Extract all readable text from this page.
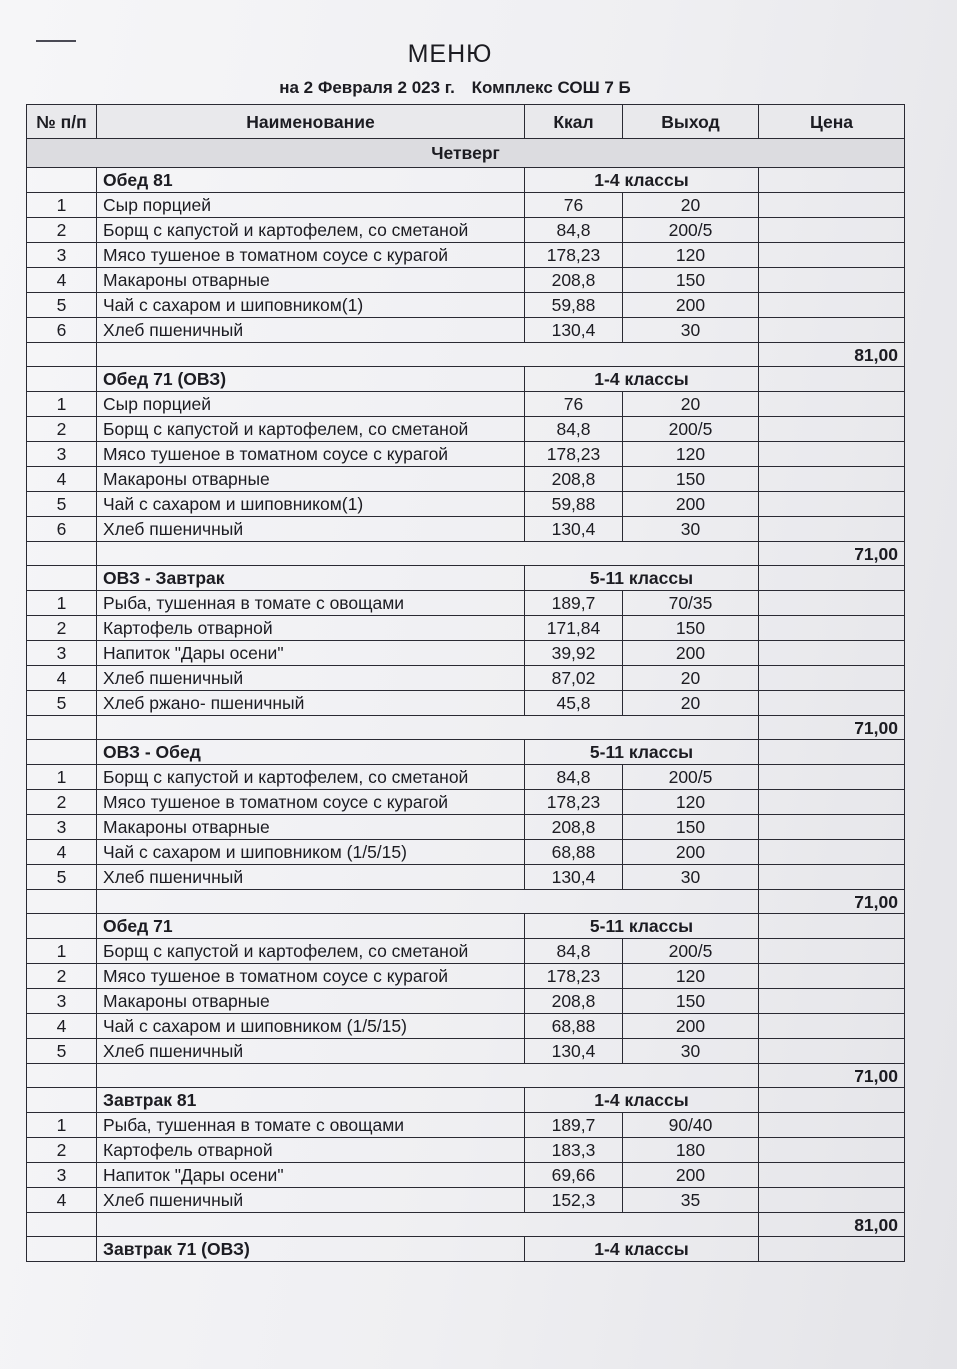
МЕНЮ
на 2 Февраля 2 023 г. Комплекс СОШ 7 Б
№ п/п	Наименование	Ккал	Выход	Цена
Четверг				
	Обед 81	1-4 классы		
1	Сыр порцией	76	20	
2	Борщ с капустой и картофелем, со сметаной	84,8	200/5	
3	Мясо тушеное в томатном соусе с курагой	178,23	120	
4	Макароны отварные	208,8	150	
5	Чай с сахаром и шиповником(1)	59,88	200	
6	Хлеб пшеничный	130,4	30	
				81,00
	Обед 71 (ОВЗ)	1-4 классы		
1	Сыр порцией	76	20	
2	Борщ с капустой и картофелем, со сметаной	84,8	200/5	
3	Мясо тушеное в томатном соусе с курагой	178,23	120	
4	Макароны отварные	208,8	150	
5	Чай с сахаром и шиповником(1)	59,88	200	
6	Хлеб пшеничный	130,4	30	
				71,00
	ОВЗ - Завтрак	5-11 классы		
1	Рыба, тушенная в томате с овощами	189,7	70/35	
2	Картофель отварной	171,84	150	
3	Напиток "Дары осени"	39,92	200	
4	Хлеб пшеничный	87,02	20	
5	Хлеб ржано- пшеничный	45,8	20	
				71,00
	ОВЗ - Обед	5-11 классы		
1	Борщ с капустой и картофелем, со сметаной	84,8	200/5	
2	Мясо тушеное в томатном соусе с курагой	178,23	120	
3	Макароны отварные	208,8	150	
4	Чай с сахаром и шиповником (1/5/15)	68,88	200	
5	Хлеб пшеничный	130,4	30	
				71,00
	Обед 71	5-11 классы		
1	Борщ с капустой и картофелем, со сметаной	84,8	200/5	
2	Мясо тушеное в томатном соусе с курагой	178,23	120	
3	Макароны отварные	208,8	150	
4	Чай с сахаром и шиповником (1/5/15)	68,88	200	
5	Хлеб пшеничный	130,4	30	
				71,00
	Завтрак 81	1-4 классы		
1	Рыба, тушенная в томате с овощами	189,7	90/40	
2	Картофель отварной	183,3	180	
3	Напиток "Дары осени"	69,66	200	
4	Хлеб пшеничный	152,3	35	
				81,00
	Завтрак 71 (ОВЗ)	1-4 классы		
